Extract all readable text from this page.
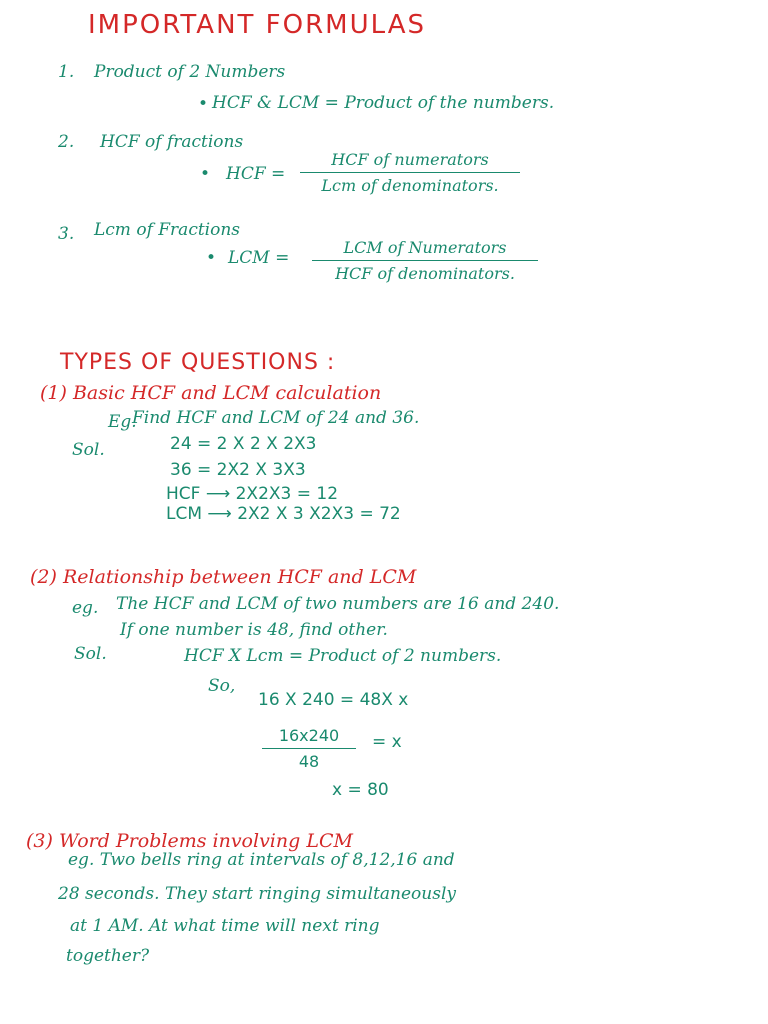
IMPORTANT FORMULAS
1. Product of 2 Numbers
• HCF & LCM = Product of the numbers.
2. HCF of fractions
• HCF =
HCF of numerators
Lcm of denominators.
3. Lcm of Fractions
• LCM =
LCM of Numerators
HCF of denominators.
TYPES OF QUESTIONS :
(1) Basic HCF and LCM calculation
Eg.
Find HCF and LCM of 24 and 36.
Sol.	24 = 2 X 2 X 2X3
36 = 2X2 X 3X3
HCF ⟶ 2X2X3 = 12
LCM ⟶ 2X2 X 3 X2X3 = 72
(2) Relationship between HCF and LCM
eg. The HCF and LCM of two numbers are 16 and 240.
If one number is 48, find other.
Sol.	HCF X Lcm = Product of 2 numbers.
So,
16 X 240 = 48X x
16x240
48
= x
x = 80
(3) Word Problems involving LCM
eg. Two bells ring at intervals of 8,12,16 and
28 seconds. They start ringing simultaneously
at 1 AM. At what time will next ring
together?
